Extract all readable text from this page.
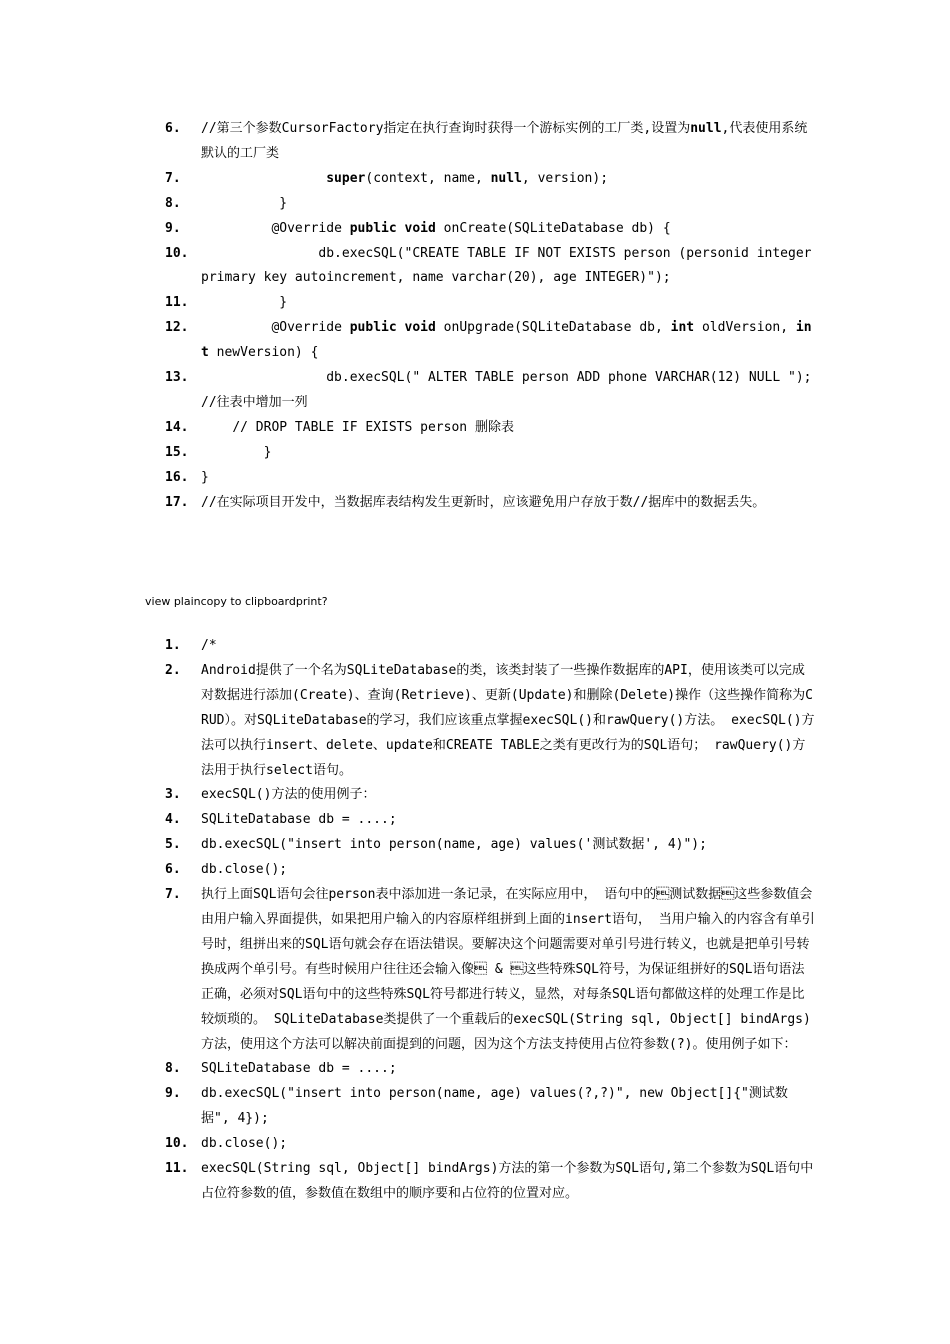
6.	//第三个参数CursorFactory指定在执行查询时获得一个游标实例的工厂类,设置为null,代表使用系统默认的工厂类
7.	super(context, name, null, version);
8.	}
9.	@Override public void onCreate(SQLiteDatabase db) {
10. db.execSQL("CREATE TABLE IF NOT EXISTS person (personid integer primary key autoincrement, name varchar(20), age INTEGER)");
11. }
12. @Override public void onUpgrade(SQLiteDatabase db, int oldVersion, int newVersion) {
13. db.execSQL(" ALTER TABLE person ADD phone VARCHAR(12) NULL "); //往表中增加一列
14. // DROP TABLE IF EXISTS person 删除表
15. }
16. }
17. //在实际项目开发中，当数据库表结构发生更新时，应该避免用户存放于数//据库中的数据丢失。
view plaincopy to clipboardprint?
1.	/*
2.	Android提供了一个名为SQLiteDatabase的类，该类封装了一些操作数据库的API，使用该类可以完成对数据进行添加(Create)、查询(Retrieve)、更新(Update)和删除(Delete)操作（这些操作简称为CRUD）。对SQLiteDatabase的学习，我们应该重点掌握execSQL()和rawQuery()方法。 execSQL()方法可以执行insert、delete、update和CREATE TABLE之类有更改行为的SQL语句； rawQuery()方法用于执行select语句。
3.	execSQL()方法的使用例子：
4.	SQLiteDatabase db = ....;
5.	db.execSQL("insert into person(name, age) values('测试数据', 4)");
6.	db.close();
7.	执行上面SQL语句会往person表中添加进一条记录，在实际应用中， 语句中的测试数据这些参数值会由用户输入界面提供，如果把用户输入的内容原样组拼到上面的insert语句， 当用户输入的内容含有单引号时，组拼出来的SQL语句就会存在语法错误。要解决这个问题需要对单引号进行转义，也就是把单引号转换成两个单引号。有些时候用户往往还会输入像 & 这些特殊SQL符号，为保证组拼好的SQL语句语法正确，必须对SQL语句中的这些特殊SQL符号都进行转义，显然，对每条SQL语句都做这样的处理工作是比较烦琐的。 SQLiteDatabase类提供了一个重载后的execSQL(String sql, Object[] bindArgs)方法，使用这个方法可以解决前面提到的问题，因为这个方法支持使用占位符参数(?)。使用例子如下：
8.	SQLiteDatabase db = ....;
9.	db.execSQL("insert into person(name, age) values(?,?)", new Object[]{"测试数据", 4});
10. db.close();
11. execSQL(String sql, Object[] bindArgs)方法的第一个参数为SQL语句,第二个参数为SQL语句中占位符参数的值，参数值在数组中的顺序要和占位符的位置对应。
